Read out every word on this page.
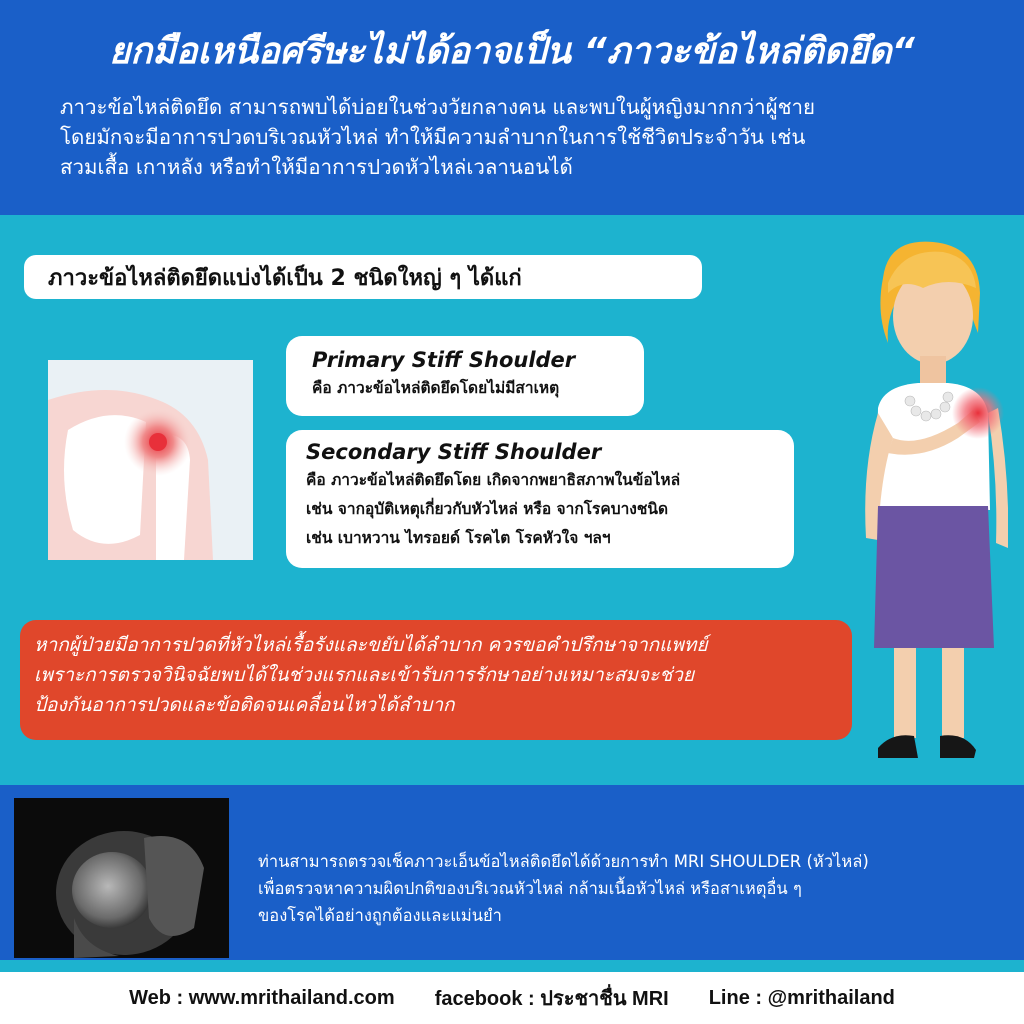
ยกมือเหนือศรีษะไม่ได้อาจเป็น “ภาวะข้อไหล่ติดยึด“
ภาวะข้อไหล่ติดยึด สามารถพบได้บ่อยในช่วงวัยกลางคน และพบในผู้หญิงมากกว่าผู้ชาย
โดยมักจะมีอาการปวดบริเวณหัวไหล่ ทำให้มีความลำบากในการใช้ชีวิตประจำวัน เช่น
สวมเสื้อ เกาหลัง หรือทำให้มีอาการปวดหัวไหล่เวลานอนได้
ภาวะข้อไหล่ติดยึดแบ่งได้เป็น 2 ชนิดใหญ่ ๆ ได้แก่
Primary Stiff Shoulder
คือ ภาวะข้อไหล่ติดยึดโดยไม่มีสาเหตุ
Secondary Stiff Shoulder
คือ ภาวะข้อไหล่ติดยึดโดย เกิดจากพยาธิสภาพในข้อไหล่
เช่น จากอุบัติเหตุเกี่ยวกับหัวไหล่ หรือ จากโรคบางชนิด
เช่น เบาหวาน ไทรอยด์ โรคไต โรคหัวใจ ฯลฯ
หากผู้ป่วยมีอาการปวดที่หัวไหล่เรื้อรังและขยับได้ลำบาก ควรขอคำปรึกษาจากแพทย์
เพราะการตรวจวินิจฉัยพบได้ในช่วงแรกและเข้ารับการรักษาอย่างเหมาะสมจะช่วย
ป้องกันอาการปวดและข้อติดจนเคลื่อนไหวได้ลำบาก
ท่านสามารถตรวจเช็คภาวะเอ็นข้อไหล่ติดยึดได้ด้วยการทำ MRI SHOULDER (หัวไหล่)
เพื่อตรวจหาความผิดปกติของบริเวณหัวไหล่ กล้ามเนื้อหัวไหล่ หรือสาเหตุอื่น ๆ
ของโรคได้อย่างถูกต้องและแม่นยำ
Web : www.mrithailand.com facebook : ประชาชื่น MRI Line : @mrithailand
